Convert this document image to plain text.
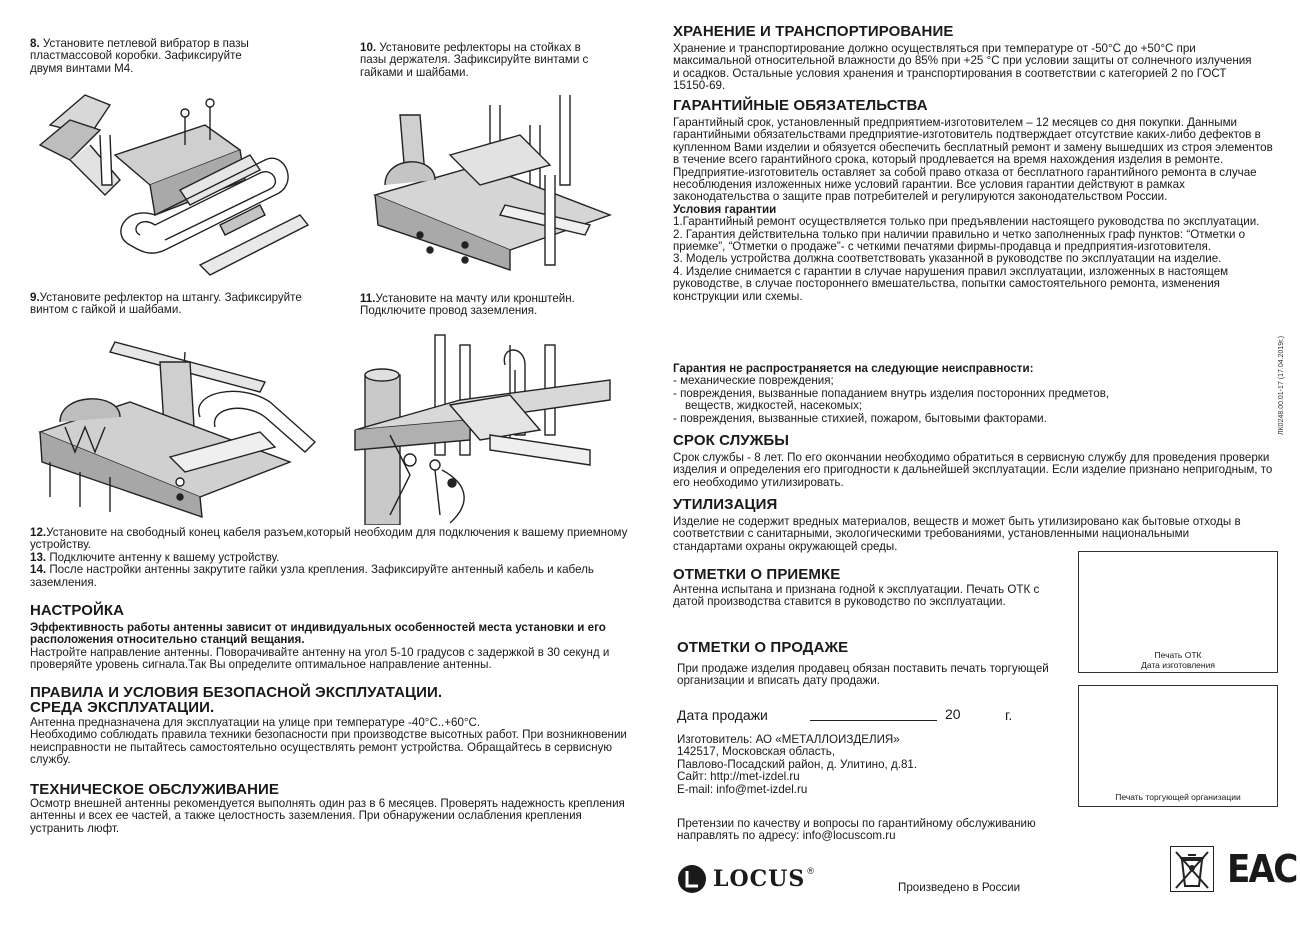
8. Установите петлевой вибратор в пазы пластмассовой коробки. Зафиксируйте двумя винтами М4.
9.Установите рефлектор на штангу. Зафиксируйте винтом с гайкой и шайбами.
10. Установите рефлекторы на стойках в пазы держателя. Зафиксируйте винтами с гайками и шайбами.
11.Установите на мачту или кронштейн. Подключите провод заземления.

12.Установите на свободный конец кабеля разъем,который необходим для подключения к вашему приемному устройству.

13. Подключите антенну к вашему устройству.

14. После настройки антенны закрутите гайки узла крепления. Зафиксируйте антенный кабель и кабель заземления.

НАСТРОЙКА

Эффективность работы антенны зависит от индивидуальных особенностей места установки и его расположения относительно станций вещания.

Настройте направление антенны. Поворачивайте антенну на угол 5-10 градусов с задержкой в 30 секунд и проверяйте уровень сигнала.Так Вы определите оптимальное направление антенны.

ПРАВИЛА И УСЛОВИЯ БЕЗОПАСНОЙ ЭКСПЛУАТАЦИИ.
СРЕДА ЭКСПЛУАТАЦИИ.

Антенна предназначена для эксплуатации на улице при температуре -40°С..+60°С.

Необходимо соблюдать правила техники безопасности при производстве высотных работ. При возникновении неисправности не пытайтесь самостоятельно осуществлять ремонт устройства. Обращайтесь в сервисную службу.

ТЕХНИЧЕСКОЕ ОБСЛУЖИВАНИЕ
Осмотр внешней антенны рекомендуется выполнять один раз в 6 месяцев. Проверять надежность крепления антенны и всех ее частей, а также целостность заземления. При обнаружении ослабления крепления устранить люфт.
ХРАНЕНИЕ И ТРАНСПОРТИРОВАНИЕ
Хранение и транспортирование должно осуществляться при температуре от -50°С до +50°С при максимальной относительной влажности до 85% при +25 °С при условии защиты от солнечного излучения и осадков. Остальные условия хранения и транспортирования в соответствии с категорией 2 по ГОСТ 15150-69.
ГАРАНТИЙНЫЕ ОБЯЗАТЕЛЬСТВА

Гарантийный срок, установленный предприятием-изготовителем – 12 месяцев со дня покупки. Данными гарантийными обязательствами предприятие-изготовитель подтверждает отсутствие каких-либо дефектов в купленном Вами изделии и обязуется обеспечить бесплатный ремонт и замену вышедших из строя элементов в течение всего гарантийного срока, который продлевается на время нахождения изделия в ремонте.

Предприятие-изготовитель оставляет за собой право отказа от бесплатного гарантийного ремонта в случае несоблюдения изложенных ниже условий гарантии. Все условия гарантии действуют в рамках законодательства о защите прав потребителей и регулируются законодательством России.

Условия гарантии

1.Гарантийный ремонт осуществляется только при предъявлении настоящего руководства по эксплуатации.

2. Гарантия действительна только при наличии правильно и четко заполненных граф пунктов: “Отметки о приемке”, “Отметки о продаже”- с четкими печатями фирмы-продавца и предприятия-изготовителя.

3. Модель устройства должна соответствовать указанной в руководстве по эксплуатации на изделие.

4. Изделие снимается с гарантии в случае нарушения правил эксплуатации, изложенных в настоящем руководстве, в случае постороннего вмешательства, попытки самостоятельного ремонта, изменения конструкции или схемы.

Гарантия не распространяется на следующие неисправности:

- механические повреждения;

- повреждения, вызванные попаданием внутрь изделия посторонних предметов,

веществ, жидкостей, насекомых;

- повреждения, вызванные стихией, пожаром, бытовыми факторами.

СРОК СЛУЖБЫ
Срок службы - 8 лет. По его окончании необходимо обратиться в сервисную службу для проведения проверки изделия и определения его пригодности к дальнейшей эксплуатации. Если изделие признано непригодным, то его необходимо утилизировать.
УТИЛИЗАЦИЯ
Изделие не содержит вредных материалов, веществ и может быть утилизировано как бытовые отходы в соответствии с санитарными, экологическими требованиями, установленными национальными стандартами охраны окружающей среды.
ОТМЕТКИ О ПРИЕМКЕ
Антенна испытана и признана годной к эксплуатации. Печать ОТК с датой производства ставится в руководство по эксплуатации.
Печать ОТК
Дата изготовления
ОТМЕТКИ О ПРОДАЖЕ
При продаже изделия продавец обязан поставить печать торгующей организации и вписать дату продажи.
Дата продажи	20	г.
Печать торгующей организации

Изготовитель: АО «МЕТАЛЛОИЗДЕЛИЯ»

142517, Московская область,

Павлово-Посадский район, д. Улитино, д.81.

Сайт: http://met-izdel.ru

E-mail: info@met-izdel.ru

Претензии по качеству и вопросы по гарантийному обслуживанию направлять по адресу: info@locuscom.ru
LOCUS ®
Произведено в России	ЕАС
ЛК0248.00.01-17 (17.04.2019г.)
